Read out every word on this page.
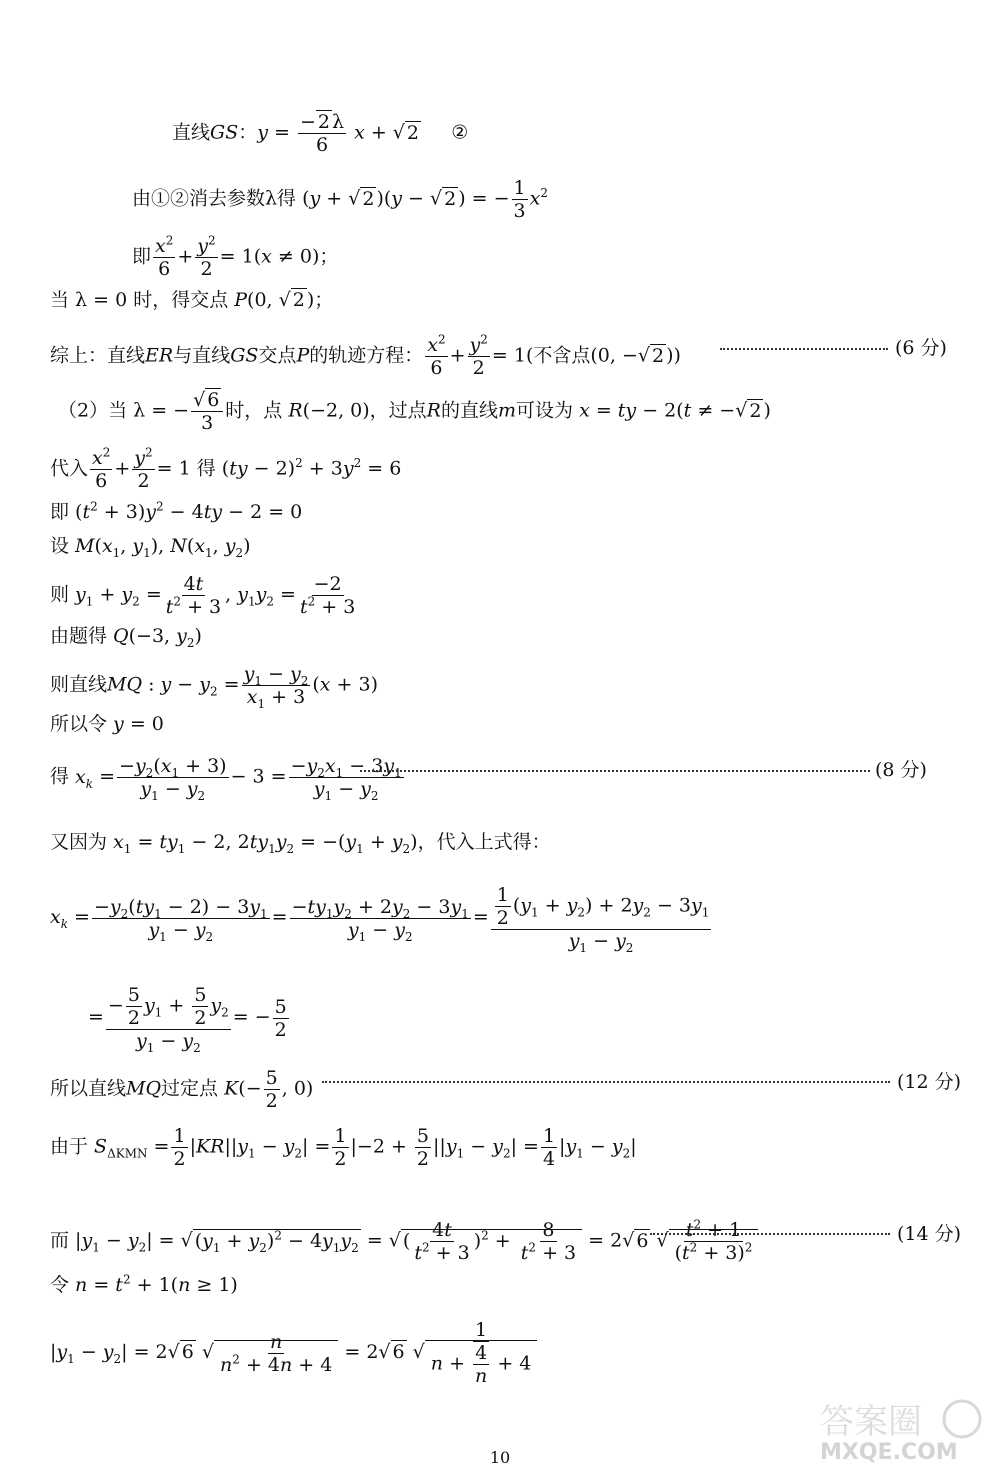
直线GS：$y = \frac{- 2 \lambda}{6}$ x + √ 2     ②
由①②消去参数λ得 (y + √ 2 )(y − √ 2 ) = − $\frac{1}{3} x^2$
即 $\frac{x^2}{6} + \frac{y^2}{2} = 1(x \ne 0)$；
当 λ = 0 时，得交点 P(0, √ 2 )；
综上：直线ER与直线GS交点P的轨迹方程： $\frac{x^2}{6} + \frac{y^2}{2} = 1$(不含点(0, −√ 2 ))	(6 分)
（2）当 λ = − $\frac{√ 6}{3}$ 时，点 R(−2, 0)，过点R的直线m可设为 x = ty − 2(t ≠ −√ 2 )
代入 $\frac{x^2}{6} + \frac{y^2}{2} = 1$ 得 $(ty - 2)^2 + 3y^2 = 6$
即 $(t^2 + 3)y^2 - 4ty - 2 = 0$
设 $M(x_1$, $y_1$), $N(x_1$, $y_2$)
则 $y_1 + y_2 = \frac{4t}{t^2 + 3}$ , $y_1y_2 = \frac{-2}{t^2 + 3}$
由题得 Q(−3, $y_2$)
则直线MQ : $y - y_2 = \frac{y_1 - y_2}{x_1 + 3} (x + 3)$
所以令 y = 0
得 $x_k = \frac{-y_2(x_1 + 3)}{y_1 - y_2} - 3 = \frac{-y_2x_1 - 3y_1}{y_1 - y_2}$	(8 分)
又因为 $x_1 = ty_1 - 2$, $2ty_1y_2 = -(y_1 + y_2)$，代入上式得：
$x_k = \frac{-y_2(ty_1 - 2) - 3y_1}{y_1 - y_2} = \frac{-ty_1y_2 + 2y_2 - 3y_1}{y_1 - y_2} = \frac{\frac{1}{2} (y_1 + y_2) + 2y_2 - 3y_1}{y_1 - y_2}$
= $\frac{- \frac{5}{2} y_1 + \frac{5}{2} y_2}{y_1 - y_2}$ = − $\frac{5}{2}$
所以直线MQ过定点 $K(- \frac{5}{2}$ , 0)	(12 分)
由于 $S_{\Delta KMN} = \frac{1}{2} |KR||y_1 - y_2| = \frac{1}{2} |-2 + \frac{5}{2} ||y_1 - y_2| = \frac{1}{4} |y_1 - y_2|$
而 $|y_1 - y_2|$ = √ $(y_1 + y_2)^2 - 4y_1y_2$ = √ ( $\frac{4t}{t^2 + 3} )^2 + \frac{8}{t^2 + 3} = 2√$ 6 √ $\frac{t^2 + 1}{(t^2 + 3)^2}$	(14 分)
令 $n = t^2 + 1(n \ge 1)$
$|y_1 - y_2| = 2√$ 6 √ $\frac{n}{n^2 + 4n + 4} = 2√$ 6 √ $\frac{1}{n + \frac{4}{n} + 4}$
答案圈
MXQE.COM
10
